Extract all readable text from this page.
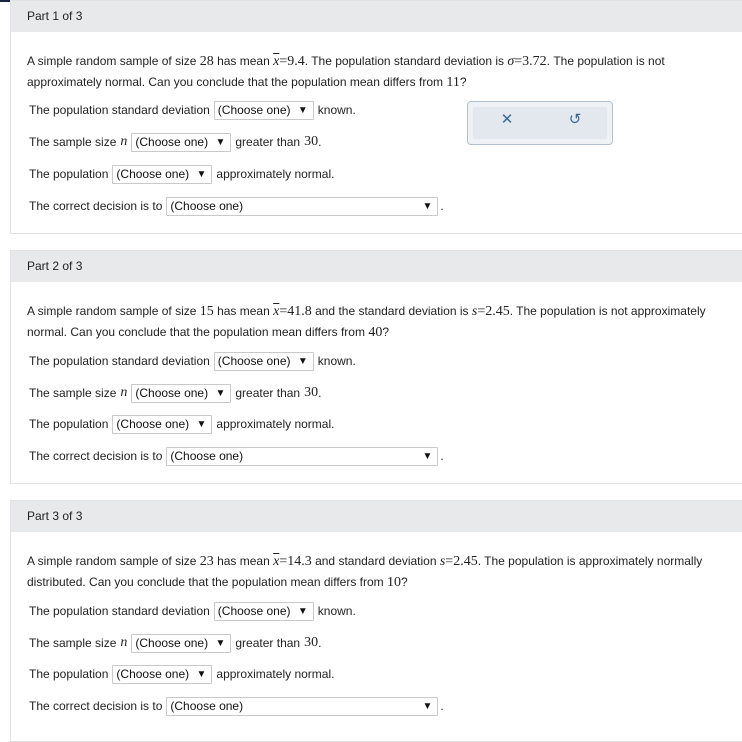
Part 1 of 3
A simple random sample of size 28 has mean $\overline{x}=9.4$. The population standard deviation is σ=3.72. The population is not approximately normal. Can you conclude that the population mean differs from 11?
The population standard deviation (Choose one) ▼ known.
The sample size n (Choose one) ▼ greater than 30 .
The population (Choose one) ▼ approximately normal.
The correct decision is to (Choose one)	▼ .
✕	↺
Part 2 of 3
A simple random sample of size 15 has mean $\overline{x}=41.8$ and the standard deviation is s=2.45. The population is not approximately normal. Can you conclude that the population mean differs from 40?
The population standard deviation (Choose one) ▼ known.
The sample size n (Choose one) ▼ greater than 30 .
The population (Choose one) ▼ approximately normal.
The correct decision is to (Choose one)	▼ .
Part 3 of 3
A simple random sample of size 23 has mean $\overline{x}=14.3$ and standard deviation s=2.45. The population is approximately normally distributed. Can you conclude that the population mean differs from 10?
The population standard deviation (Choose one) ▼ known.
The sample size n (Choose one) ▼ greater than 30 .
The population (Choose one) ▼ approximately normal.
The correct decision is to (Choose one)	▼ .
